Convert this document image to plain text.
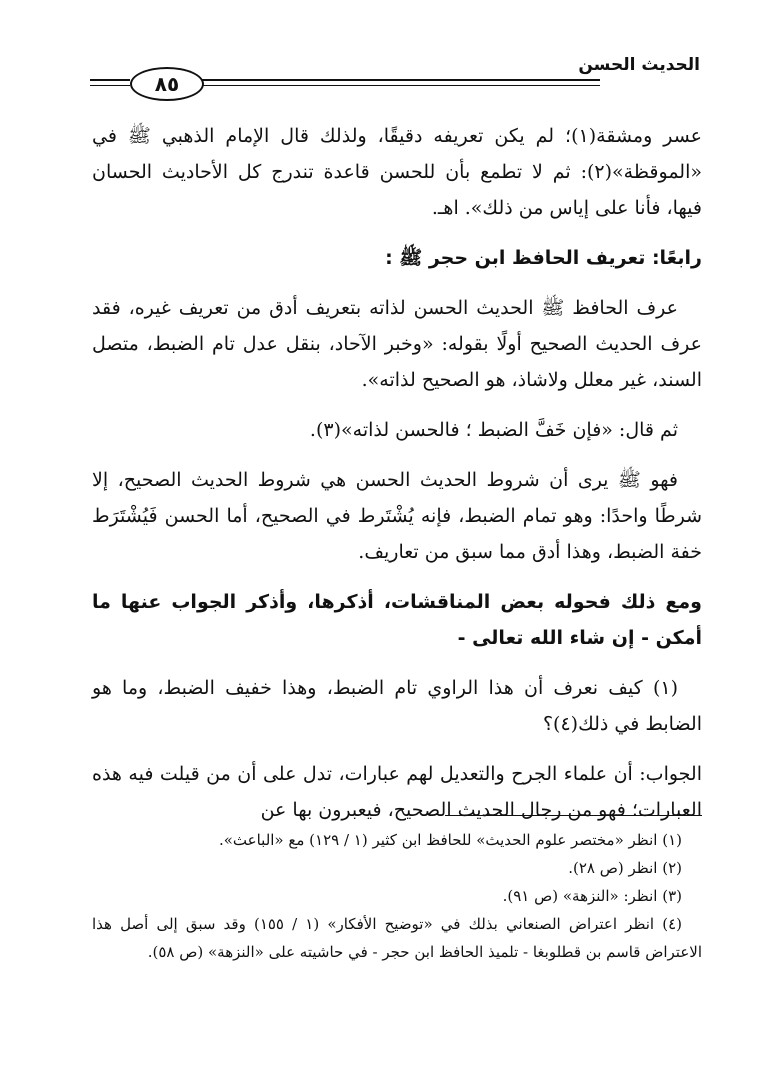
الحديث الحسن
٨٥

عسر ومشقة(١)؛ لم يكن تعريفه دقيقًا، ولذلك قال الإمام الذهبي ﷺ في «الموقظة»(٢): ثم لا تطمع بأن للحسن قاعدة تندرج كل الأحاديث الحسان فيها، فأنا على إياس من ذلك». اهـ.

رابعًا: تعريف الحافظ ابن حجر ﷺ :

عرف الحافظ ﷺ الحديث الحسن لذاته بتعريف أدق من تعريف غيره، فقد عرف الحديث الصحيح أولًا بقوله: «وخبر الآحاد، بنقل عدل تام الضبط، متصل السند، غير معلل ولاشاذ، هو الصحيح لذاته».

ثم قال: «فإن خَفَّ الضبط ؛ فالحسن لذاته»(٣).

فهو ﷺ يرى أن شروط الحديث الحسن هي شروط الحديث الصحيح، إلا شرطًا واحدًا: وهو تمام الضبط، فإنه يُشْتَرط في الصحيح، أما الحسن فَيُشْتَرَط خفة الضبط، وهذا أدق مما سبق من تعاريف.

ومع ذلك فحوله بعض المناقشات، أذكرها، وأذكر الجواب عنها ما أمكن - إن شاء الله تعالى -

(١) كيف نعرف أن هذا الراوي تام الضبط، وهذا خفيف الضبط، وما هو الضابط في ذلك(٤)؟

الجواب: أن علماء الجرح والتعديل لهم عبارات، تدل على أن من قيلت فيه هذه العبارات؛ فهو من رجال الحديث الصحيح، فيعبرون بها عن

(١) انظر «مختصر علوم الحديث» للحافظ ابن كثير (١ / ١٢٩) مع «الباعث».

(٢) انظر (ص ٢٨).

(٣) انظر: «النزهة» (ص ٩١).

(٤) انظر اعتراض الصنعاني بذلك في «توضيح الأفكار» (١ / ١٥٥) وقد سبق إلى أصل هذا الاعتراض قاسم بن قطلوبغا - تلميذ الحافظ ابن حجر - في حاشيته على «النزهة» (ص ٥٨).
